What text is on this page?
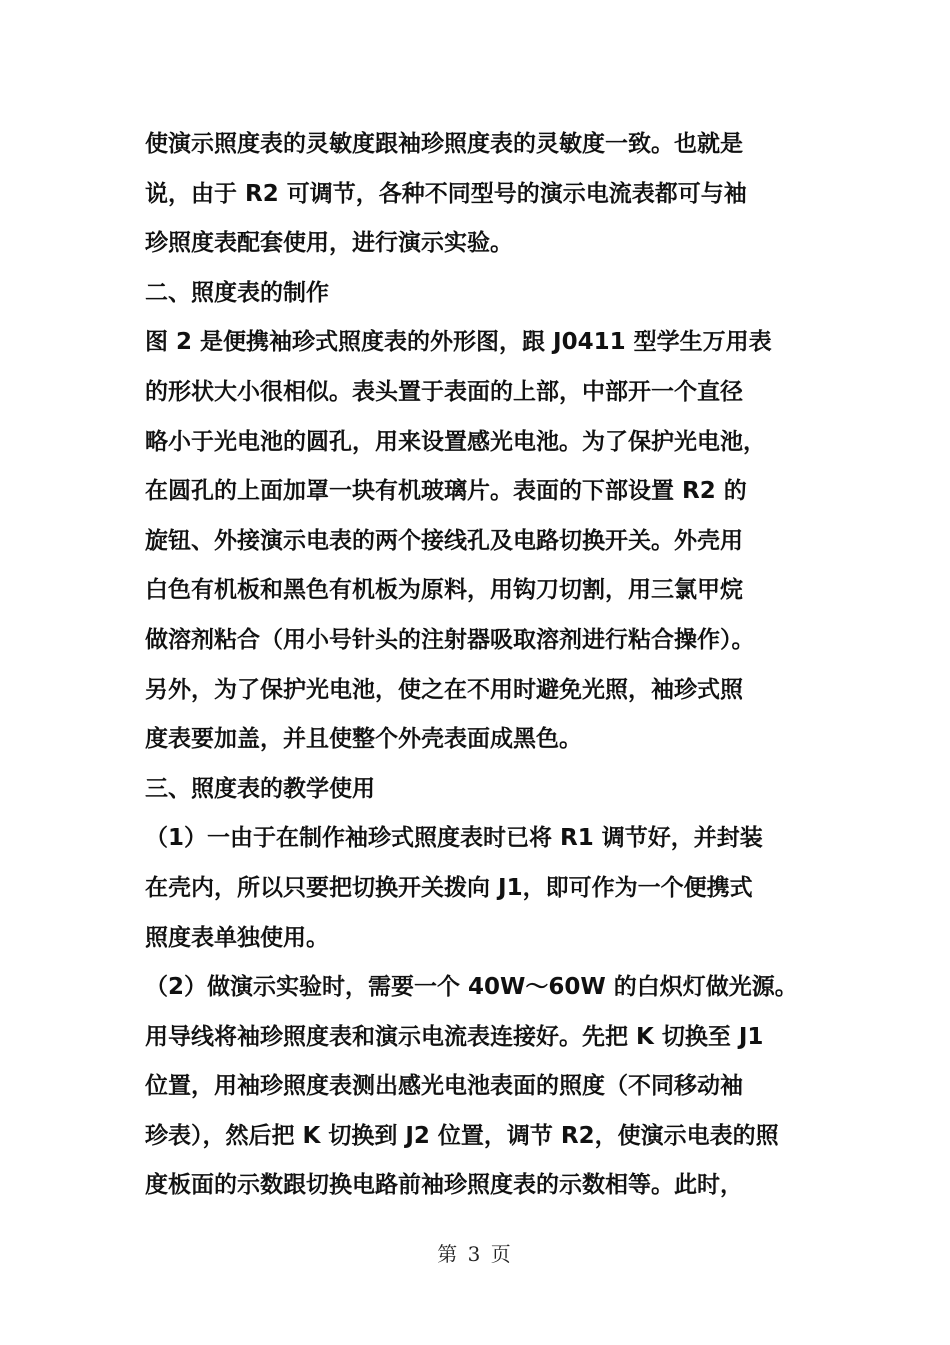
使演示照度表的灵敏度跟袖珍照度表的灵敏度一致。也就是
说，由于 R2 可调节，各种不同型号的演示电流表都可与袖
珍照度表配套使用，进行演示实验。
二、照度表的制作
图 2 是便携袖珍式照度表的外形图，跟 J0411 型学生万用表
的形状大小很相似。表头置于表面的上部，中部开一个直径
略小于光电池的圆孔，用来设置感光电池。为了保护光电池，
在圆孔的上面加罩一块有机玻璃片。表面的下部设置 R2 的
旋钮、外接演示电表的两个接线孔及电路切换开关。外壳用
白色有机板和黑色有机板为原料，用钩刀切割，用三氯甲烷
做溶剂粘合（用小号针头的注射器吸取溶剂进行粘合操作）。
另外，为了保护光电池，使之在不用时避免光照，袖珍式照
度表要加盖，并且使整个外壳表面成黑色。
三、照度表的教学使用
（1）一由于在制作袖珍式照度表时已将 R1 调节好，并封装
在壳内，所以只要把切换开关拨向 J1，即可作为一个便携式
照度表单独使用。
（2）做演示实验时，需要一个 40W～60W 的白炽灯做光源。
用导线将袖珍照度表和演示电流表连接好。先把 K 切换至 J1
位置，用袖珍照度表测出感光电池表面的照度（不同移动袖
珍表），然后把 K 切换到 J2 位置，调节 R2，使演示电表的照
度板面的示数跟切换电路前袖珍照度表的示数相等。此时，
第 3 页
